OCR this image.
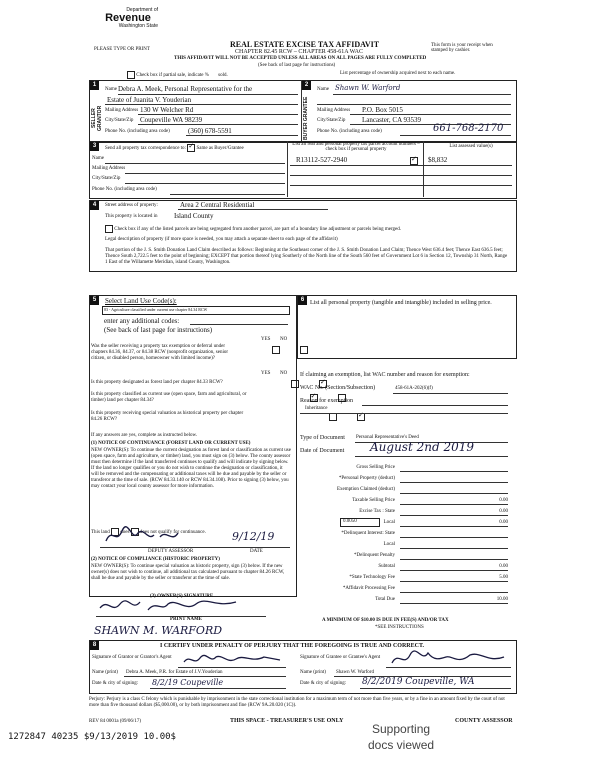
Department of
Revenue
Washington State
PLEASE TYPE OR PRINT
REAL ESTATE EXCISE TAX AFFIDAVIT
CHAPTER 82.45 RCW – CHAPTER 458-61A WAC
THIS AFFIDAVIT WILL NOT BE ACCEPTED UNLESS ALL AREAS ON ALL PAGES ARE FULLY COMPLETED
(See back of last page for instructions)
This form is your receipt when stamped by cashier.
Check box if partial sale, indicate % sold.	List percentage of ownership acquired next to each name.
1	2
SELLER GRANTOR	BUYER GRANTEE
Name Debra A. Meek, Personal Representative for the
Estate of Juanita V. Youderian
Mailing Address 130 W Welcher Rd
City/State/Zip Coupeville WA 98239
Phone No. (including area code)	(360) 678-5591
Name Shawn W. Warford
Mailing Address P.O. Box 5015
City/State/Zip Lancaster, CA 93539
Phone No. (including area code)	661-768-2170
3	Send all property tax correspondence to: ✓ Same as Buyer/Grantee
Name
Mailing Address
City/State/Zip
Phone No. (including area code)
List all real and personal property tax parcel account numbers – check box if personal property
List assessed value(s)
R13112-527-2940 ✓	$8,832
4	Street address of property:	Area 2 Central Residential
This property is located in Island County
Check box if any of the listed parcels are being segregated from another parcel, are part of a boundary line adjustment or parcels being merged.
Legal description of property (if more space is needed, you may attach a separate sheet to each page of the affidavit)
That portion of the J. S. Smith Donation Land Claim described as follows: Beginning at the Southeast corner of the J. S. Smith Donation Land Claim; Thence West 636.4 feet; Thence East 636.5 feet; Thence South 2,722.5 feet to the point of beginning; EXCEPT that portion thereof lying Southerly of the North line of the South 560 feet of Government Lot 6 in Section 12, Township 31 North, Range 1 East of the Willamette Meridian, island County, Washington.
5	Select Land Use Code(s):
83 - Agriculture classified under current use chapter 84.34 RCW
enter any additional codes:
(See back of last page for instructions)
YES NO
Was the seller receiving a property tax exemption or deferral under chapters 84.36, 84.37, or 84.38 RCW (nonprofit organization, senior citizen, or disabled person, homeowner with limited income)?

YES NO
Is this property designated as forest land per chapter 84.33 RCW?
✓
Is this property classified as current use (open space, farm and agricultural, or timber) land per chapter 84.34?
✓
Is this property receiving special valuation as historical property per chapter 84.26 RCW?
✓
If any answers are yes, complete as instructed below.
(1) NOTICE OF CONTINUANCE (FOREST LAND OR CURRENT USE)
NEW OWNER(S): To continue the current designation as forest land or classification as current use (open space, farm and agriculture, or timber) land, you must sign on (3) below. The county assessor must then determine if the land transferred continues to qualify and will indicate by signing below. If the land no longer qualifies or you do not wish to continue the designation or classification, it will be removed and the compensating or additional taxes will be due and payable by the seller or transferor at the time of sale. (RCW 84.33.140 or RCW 84.34.108). Prior to signing (3) below, you may contact your local county assessor for more information.
This land does does not qualify for continuance. 9/12/19
DEPUTY ASSESSOR	DATE
(2) NOTICE OF COMPLIANCE (HISTORIC PROPERTY)
NEW OWNER(S): To continue special valuation as historic property, sign (3) below. If the new owner(s) does not wish to continue, all additional tax calculated pursuant to chapter 84.26 RCW, shall be due and payable by the seller or transferor at the time of sale.
(3) OWNER(S) SIGNATURE
PRINT NAME
SHAWN M. WARFORD
6 List all personal property (tangible and intangible) included in selling price.
If claiming an exemption, list WAC number and reason for exemption:
WAC No. (Section/Subsection)	458-61A-202(6)(f)
Reason for exemption
Inheritance
Type of Document Personal Representative's Deed
Date of Document August 2nd 2019
Gross Selling Price
*Personal Property (deduct)
Exemption Claimed (deduct)
Taxable Selling Price	0.00
Excise Tax : State	0.00
0.0050	Local	0.00
*Delinquent Interest: State
Local
*Delinquent Penalty
Subtotal	0.00
*State Technology Fee	5.00
*Affidavit Processing Fee
Total Due	10.00
A MINIMUM OF $10.00 IS DUE IN FEE(S) AND/OR TAX
*SEE INSTRUCTIONS
8	I CERTIFY UNDER PENALTY OF PERJURY THAT THE FOREGOING IS TRUE AND CORRECT.
Signature of Grantor or Grantor's Agent
Name (print) Debra A. Meek, P.R. for Estate of J.V.Youderian
Date & city of signing: 8/2/19 Coupeville
Signature of Grantee or Grantee's Agent
Name (print) Shawn W. Warford
Date & city of signing: 8/2/2019 Coupeville, WA
Perjury: Perjury is a class C felony which is punishable by imprisonment in the state correctional institution for a maximum term of not more than five years, or by a fine in an amount fixed by the court of not more than five thousand dollars ($5,000.00), or by both imprisonment and fine (RCW 9A.20.020 (1C)).
REV 84 0001a (09/06/17)	THIS SPACE - TREASURER'S USE ONLY	COUNTY ASSESSOR
1272847 40235 $9/13/2019 10.00$
Supporting
docs viewed
